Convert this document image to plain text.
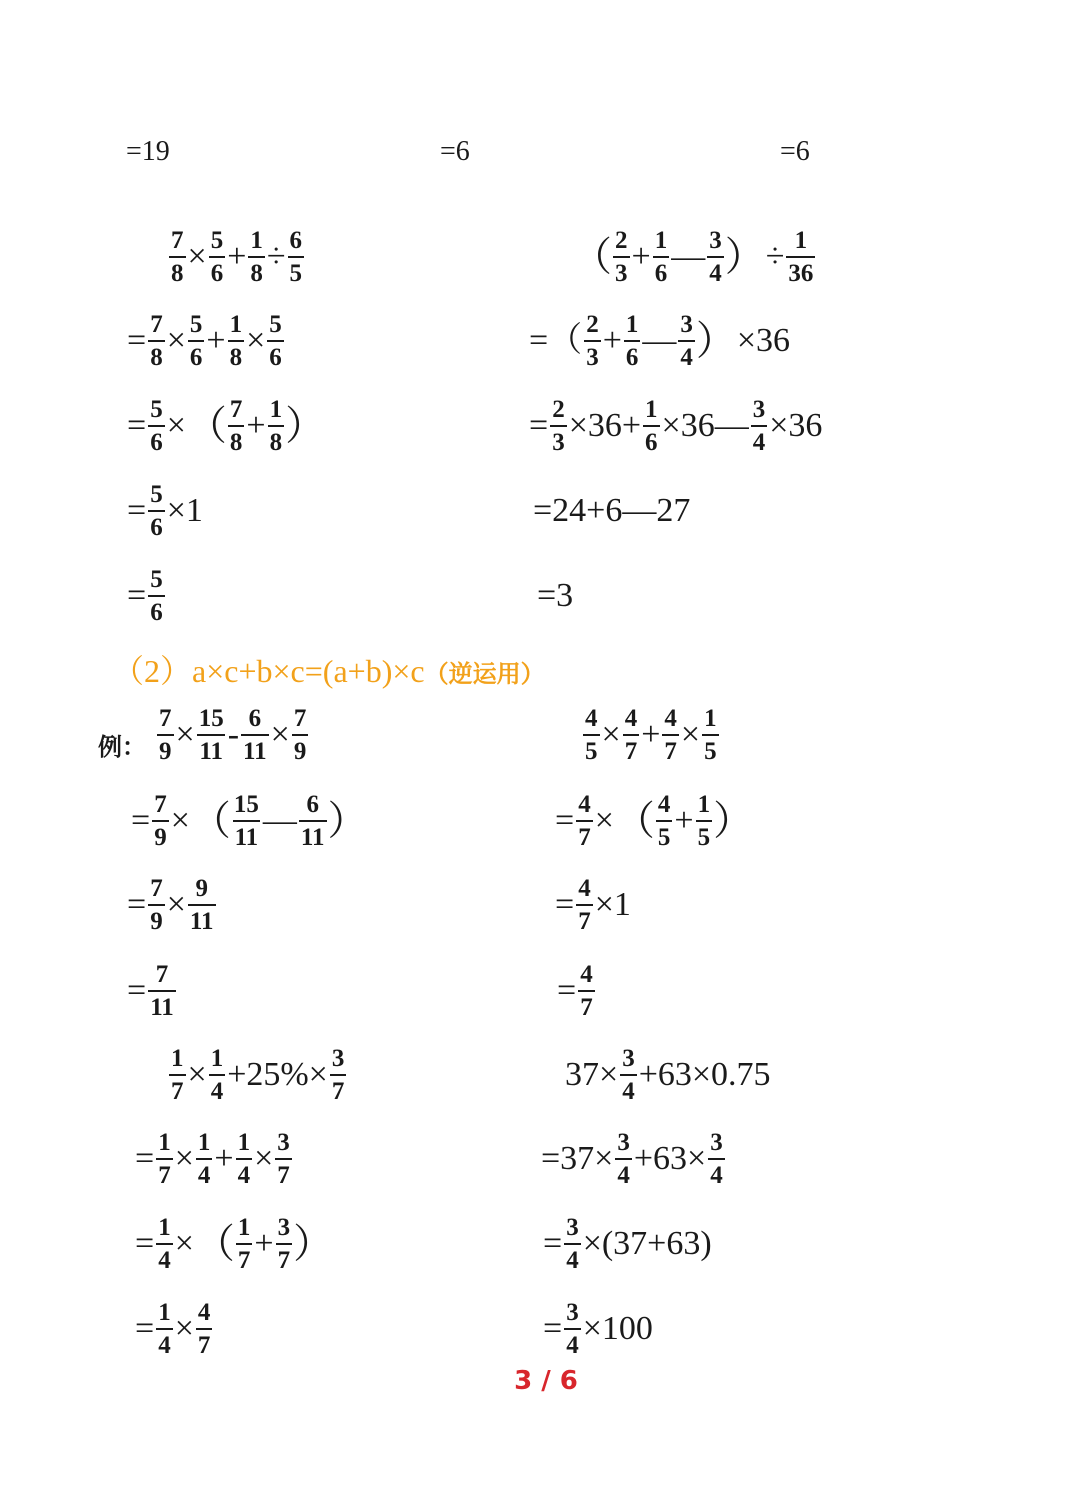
=19	=6	=6
$\frac{7}{8} \times \frac{5}{6} + \frac{1}{8} \div \frac{6}{5}$
= $\frac{7}{8} \times \frac{5}{6} + \frac{1}{8} \times \frac{5}{6}$
= $\frac{5}{6}$ × （ $\frac{7}{8} + \frac{1}{8}$ ）
= $\frac{5}{6} \times 1$
= $\frac{5}{6}$
（ $\frac{2}{3} + \frac{1}{6}$ — $\frac{3}{4}$ ） ÷ $\frac{1}{36}$
=（ $\frac{2}{3} + \frac{1}{6}$ — $\frac{3}{4}$ ） ×36
= $\frac{2}{3} \times 36+ \frac{1}{6}$ ×36— $\frac{3}{4} \times 36$
=24+6—27
=3
（2）a×c+b×c=(a+b)×c（逆运用）
例： $\frac{7}{9} \times \frac{15}{11} - \frac{6}{11} \times \frac{7}{9}$
= $\frac{7}{9}$ × （ $\frac{15}{11}$ — $\frac{6}{11}$ ）
= $\frac{7}{9} \times \frac{9}{11}$
= $\frac{7}{11}$
$\frac{4}{5} \times \frac{4}{7} + \frac{4}{7} \times \frac{1}{5}$
= $\frac{4}{7}$ × （ $\frac{4}{5} + \frac{1}{5}$ ）
= $\frac{4}{7} \times 1$
= $\frac{4}{7}$
$\frac{1}{7} \times \frac{1}{4} +25\%\times \frac{3}{7}$
= $\frac{1}{7} \times \frac{1}{4} + \frac{1}{4} \times \frac{3}{7}$
= $\frac{1}{4}$ × （ $\frac{1}{7} + \frac{3}{7}$ ）
= $\frac{1}{4} \times \frac{4}{7}$
$37\times \frac{3}{4} +63\times 0.75$
$=37\times \frac{3}{4} +63\times \frac{3}{4}$
= $\frac{3}{4} \times(37+63)$
= $\frac{3}{4} \times 100$
3 / 6
